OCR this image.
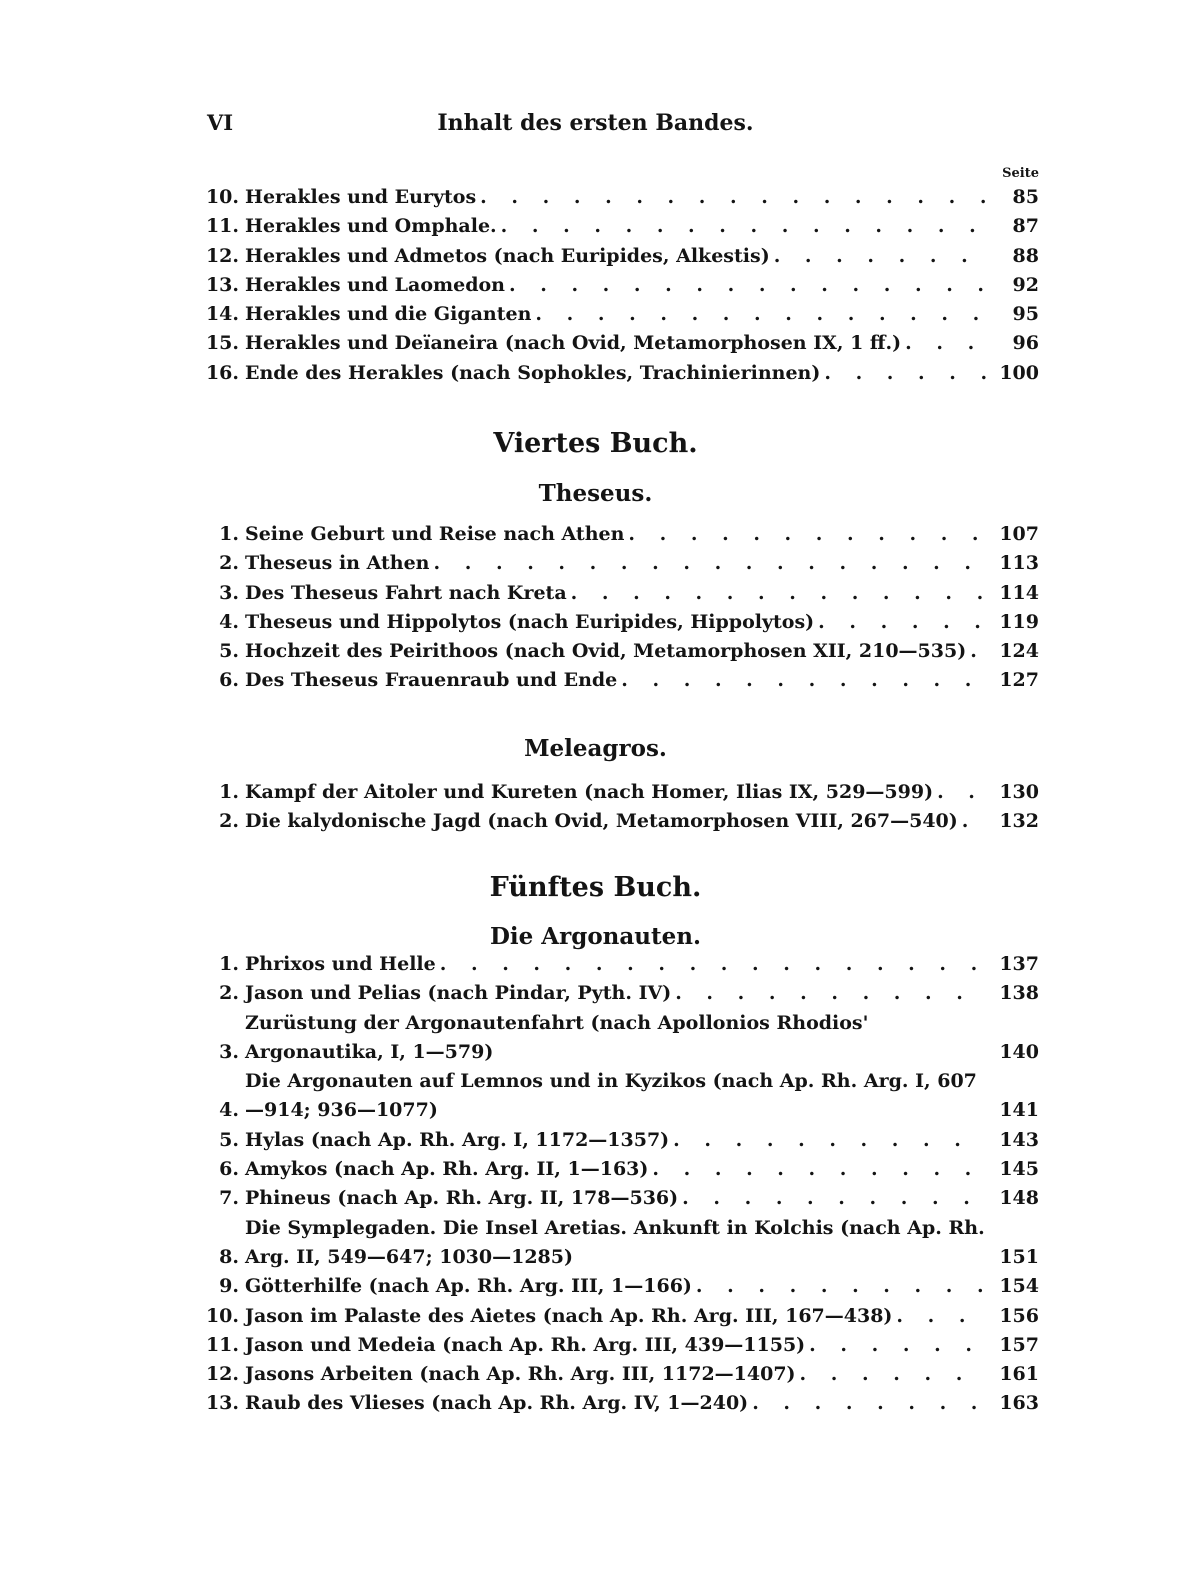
VI	Inhalt des ersten Bandes.
Seite
10. Herakles und Eurytos . . .	85
11. Herakles und Omphale. . . .	87
12. Herakles und Admetos (nach Euripides, Alkestis) . . .	88
13. Herakles und Laomedon . . .	92
14. Herakles und die Giganten . . .	95
15. Herakles und Deïaneira (nach Ovid, Metamorphosen IX, 1 ff.) . . .	96
16. Ende des Herakles (nach Sophokles, Trachinierinnen) . . .	100
Viertes Buch.
Theseus.
1. Seine Geburt und Reise nach Athen . . .	107
2. Theseus in Athen . . .	113
3. Des Theseus Fahrt nach Kreta . . .	114
4. Theseus und Hippolytos (nach Euripides, Hippolytos) . . .	119
5. Hochzeit des Peirithoos (nach Ovid, Metamorphosen XII, 210—535) . . .	124
6. Des Theseus Frauenraub und Ende . . .	127
Meleagros.
1. Kampf der Aitoler und Kureten (nach Homer, Ilias IX, 529—599) . . .	130
2. Die kalydonische Jagd (nach Ovid, Metamorphosen VIII, 267—540) . . .	132
Fünftes Buch.
Die Argonauten.
1. Phrixos und Helle . . .	137
2. Jason und Pelias (nach Pindar, Pyth. IV) . . .	138
3.
Zurüstung der Argonautenfahrt (nach Apollonios Rhodios' Argonautika, I, 1—579)	140
4.
Die Argonauten auf Lemnos und in Kyzikos (nach Ap. Rh. Arg. I, 607—914; 936—1077)	141
5. Hylas (nach Ap. Rh. Arg. I, 1172—1357) . . .	143
6. Amykos (nach Ap. Rh. Arg. II, 1—163) . . .	145
7. Phineus (nach Ap. Rh. Arg. II, 178—536) . . .	148
8.
Die Symplegaden. Die Insel Aretias. Ankunft in Kolchis (nach Ap. Rh. Arg. II, 549—647; 1030—1285)	151
9. Götterhilfe (nach Ap. Rh. Arg. III, 1—166) . . .	154
10. Jason im Palaste des Aietes (nach Ap. Rh. Arg. III, 167—438) . . .	156
11. Jason und Medeia (nach Ap. Rh. Arg. III, 439—1155) . . .	157
12. Jasons Arbeiten (nach Ap. Rh. Arg. III, 1172—1407) . . .	161
13. Raub des Vlieses (nach Ap. Rh. Arg. IV, 1—240) . . .	163
